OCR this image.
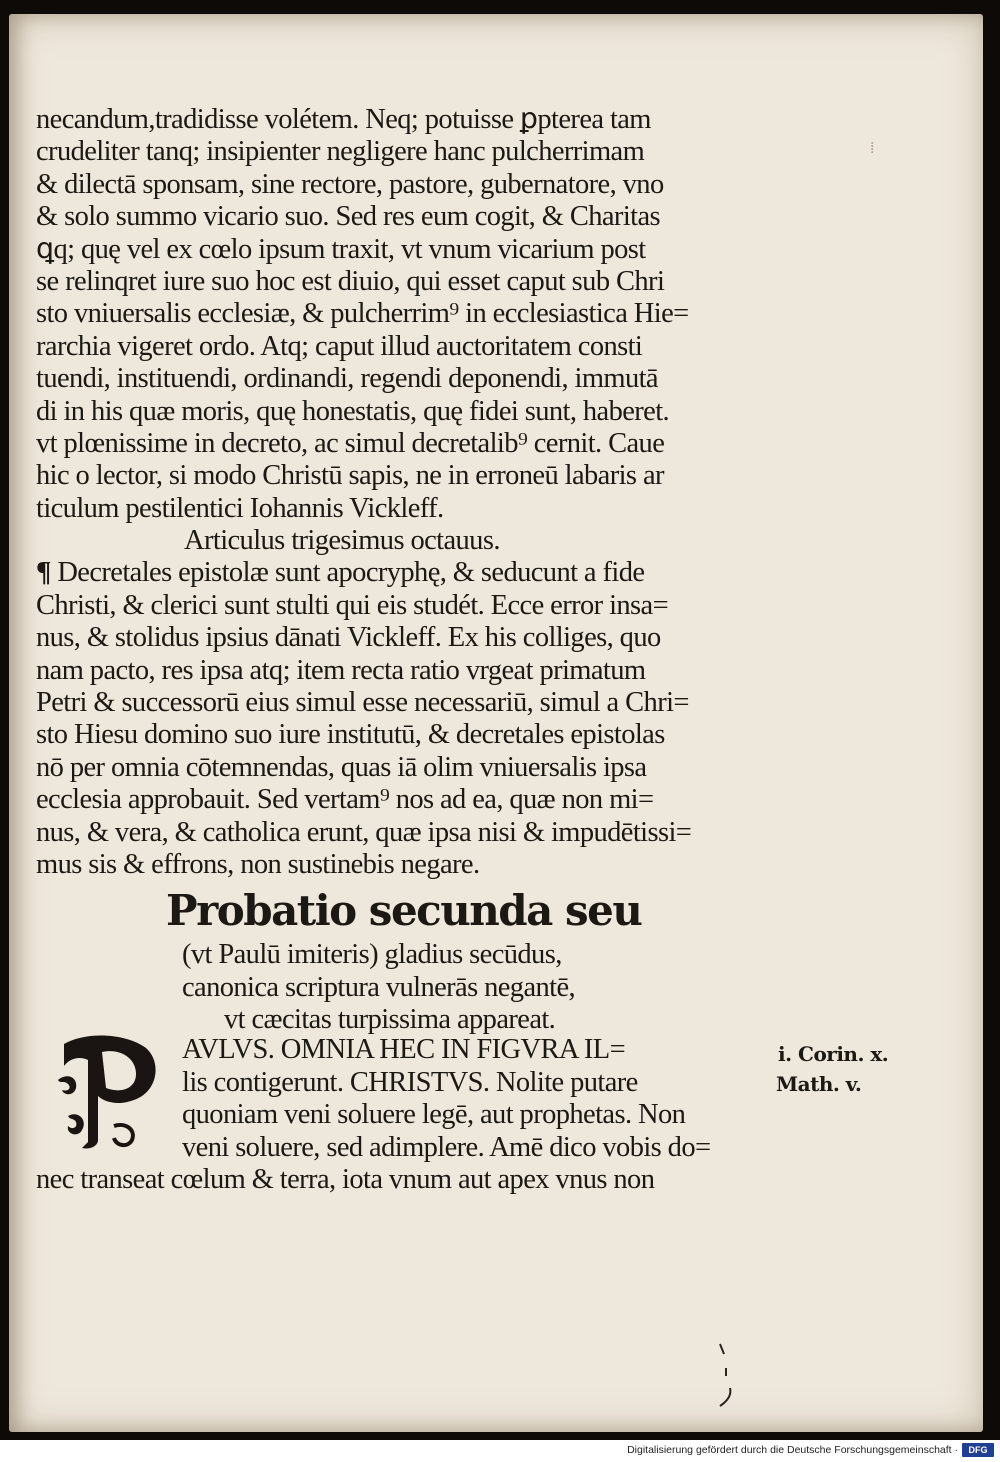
⁞
necandum,tradidisse volétem. Neq; potuisse ꝑpterea tam
crudeliter tanq; insipienter negligere hanc pulcherrimam
& dilectā sponsam, sine rectore, pastore, gubernatore, vno
& solo summo vicario suo. Sed res eum cogit, & Charitas
ꝗq; quę vel ex cœlo ipsum traxit, vt vnum vicarium post
se relinqret iure suo hoc est diuio, qui esset caput sub Chri
sto vniuersalis ecclesiæ, & pulcherrim⁹ in ecclesiastica Hie=
rarchia vigeret ordo. Atq; caput illud auctoritatem consti
tuendi, instituendi, ordinandi, regendi deponendi, immutā
di in his quæ moris, quę honestatis, quę fidei sunt, haberet.
vt plœnissime in decreto, ac simul decretalib⁹ cernit. Caue
hic o lector, si modo Christū sapis, ne in erroneū labaris ar
ticulum pestilentici Iohannis Vickleff.
Articulus trigesimus octauus.
¶ Decretales epistolæ sunt apocryphę, & seducunt a fide
Christi, & clerici sunt stulti qui eis studét. Ecce error insa=
nus, & stolidus ipsius dānati Vickleff. Ex his colliges, quo
nam pacto, res ipsa atq; item recta ratio vrgeat primatum
Petri & successorū eius simul esse necessariū, simul a Chri=
sto Hiesu domino suo iure institutū, & decretales epistolas
nō per omnia cōtemnendas, quas iā olim vniuersalis ipsa
ecclesia approbauit. Sed vertam⁹ nos ad ea, quæ non mi=
nus, & vera, & catholica erunt, quæ ipsa nisi & impudētissi=
mus sis & effrons, non sustinebis negare.
Probatio secunda seu
(vt Paulū imiteris) gladius secūdus,
canonica scriptura vulnerās negantē,
vt cæcitas turpissima appareat.
AVLVS. OMNIA HEC IN FIGVRA IL=
lis contigerunt. CHRISTVS. Nolite putare
quoniam veni soluere legē, aut prophetas. Non
veni soluere, sed adimplere. Amē dico vobis do=
nec transeat cœlum & terra, iota vnum aut apex vnus non
i. Corin. x.
Math. v.
Digitalisierung gefördert durch die Deutsche Forschungsgemeinschaft ·	DFG
